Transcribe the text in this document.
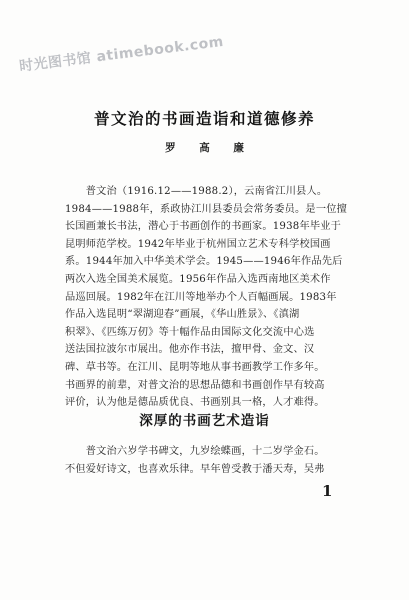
时光图书馆 atimebook.com
普文治的书画造诣和道德修养
罗 高 廉

　　普文治（1916.12——1988.2），云南省江川县人。

1984——1988年，系政协江川县委员会常务委员。是一位擅

长国画兼长书法，潜心于书画创作的书画家。1938年毕业于

昆明师范学校。1942年毕业于杭州国立艺术专科学校国画

系。1944年加入中华美术学会。1945——1946年作品先后

两次入选全国美术展览。1956年作品入选西南地区美术作

品巡回展。1982年在江川等地举办个人百幅画展。1983年

作品入选昆明“翠湖迎春”画展，《华山胜景》、《滇湖

积翠》、《匹练万仞》等十幅作品由国际文化交流中心选

送法国拉波尔市展出。他亦作书法，擅甲骨、金文、汉

碑、草书等。在江川、昆明等地从事书画教学工作多年。

书画界的前辈，对普文治的思想品德和书画创作早有较高

评价，认为他是德品质优良、书画别具一格，人才难得。

深厚的书画艺术造诣

　　普文治六岁学书碑文，九岁绘蝶画，十二岁学金石。

不但爱好诗文，也喜欢乐律。早年曾受教于潘天寿，吴弗

1
